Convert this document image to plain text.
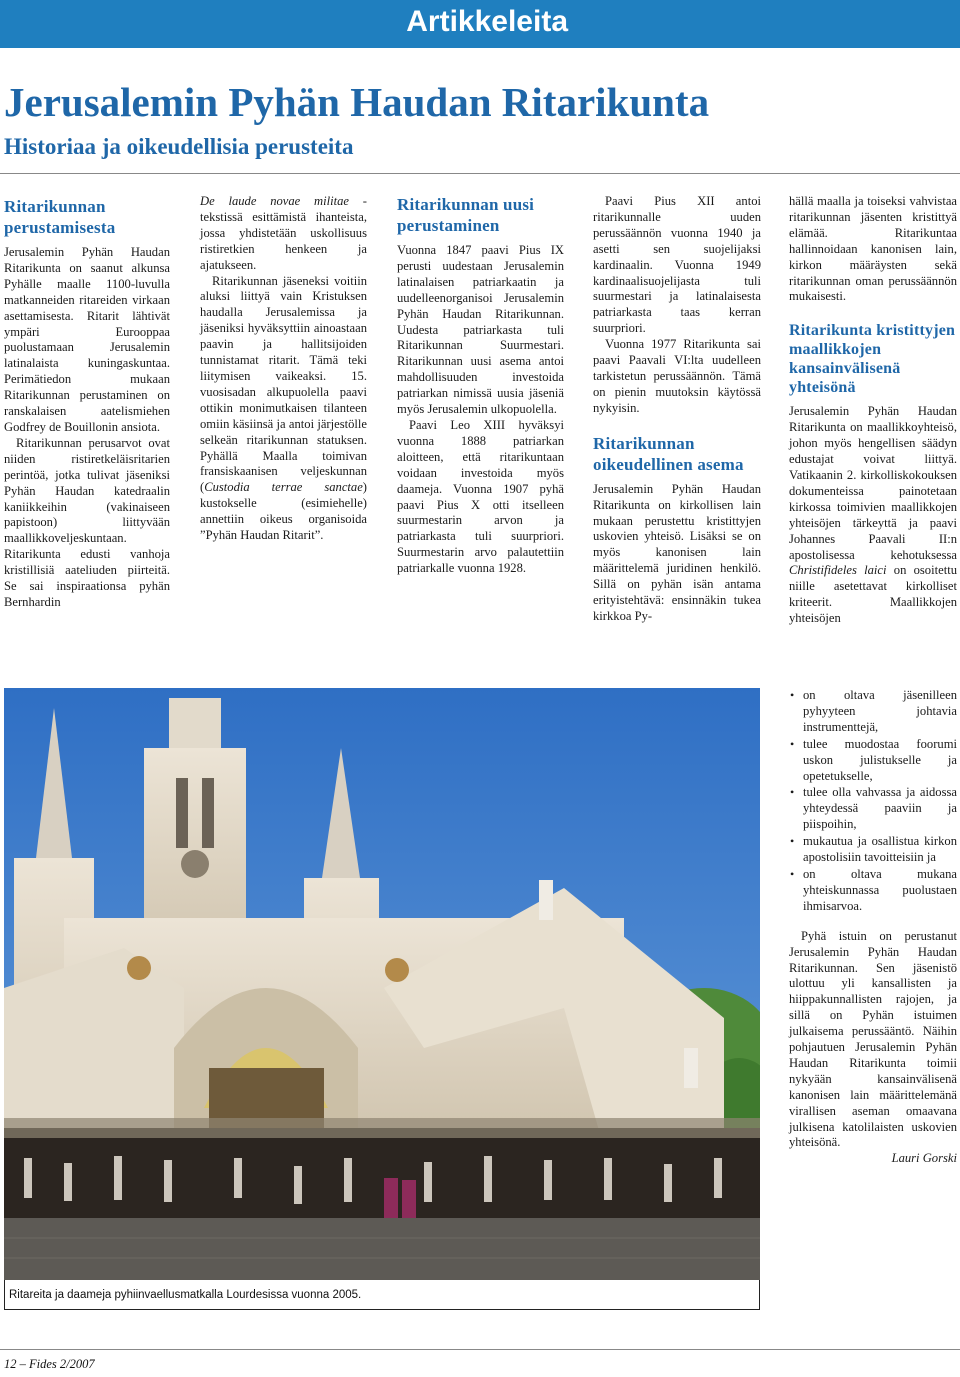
Artikkeleita
Jerusalemin Pyhän Haudan Ritarikunta
Historiaa ja oikeudellisia perusteita
Ritarikunnan perustamisesta

Jerusalemin Pyhän Haudan Ritarikunta on saanut alkunsa Pyhälle maalle 1100-luvulla matkanneiden ritareiden virkaan asettamisesta. Ritarit lähtivät ympäri Eurooppaa puolustamaan Jerusalemin latinalaista kuningaskuntaa. Perimätiedon mukaan Ritarikunnan perustaminen on ranskalaisen aatelismiehen Godfrey de Bouillonin ansiota.

Ritarikunnan perusarvot ovat niiden ristiretkeläisritarien perintöä, jotka tulivat jäseniksi Pyhän Haudan katedraalin kaniikkeihin (vakinaiseen papistoon) liittyvään maallikkoveljeskuntaan. Ritarikunta edusti vanhoja kristillisiä aateliuden piirteitä. Se sai inspiraationsa pyhän Bernhardin

De laude novae militae -tekstissä esittämistä ihanteista, jossa yhdistetään uskollisuus ristiretkien henkeen ja ajatukseen.

Ritarikunnan jäseneksi voitiin aluksi liittyä vain Kristuksen haudalla Jerusalemissa ja jäseniksi hyväksyttiin ainoastaan paavin ja hallitsijoiden tunnistamat ritarit. Tämä teki liitymisen vaikeaksi. 15. vuosisadan alkupuolella paavi ottikin monimutkaisen tilanteen omiin käsiinsä ja antoi järjestölle selkeän ritarikunnan statuksen. Pyhällä Maalla toimivan fransiskaanisen veljeskunnan (Custodia terrae sanctae) kustokselle (esimiehelle) annettiin oikeus organisoida ”Pyhän Haudan Ritarit”.

Ritarikunnan uusi perustaminen

Vuonna 1847 paavi Pius IX perusti uudestaan Jerusalemin latinalaisen patriarkaatin ja uudelleenorganisoi Jerusalemin Pyhän Haudan Ritarikunnan. Uudesta patriarkasta tuli Ritarikunnan Suurmestari. Ritarikunnan uusi asema antoi mahdollisuuden investoida patriarkan nimissä uusia jäseniä myös Jerusalemin ulkopuolella.

Paavi Leo XIII hyväksyi vuonna 1888 patriarkan aloitteen, että ritarikuntaan voidaan investoida myös daameja. Vuonna 1907 pyhä paavi Pius X otti itselleen suurmestarin arvon ja patriarkasta tuli suurpriori. Suurmestarin arvo palautettiin patriarkalle vuonna 1928.

Paavi Pius XII antoi ritarikunnalle uuden perussäännön vuonna 1940 ja asetti sen suojelijaksi kardinaalin. Vuonna 1949 kardinaalisuojelijasta tuli suurmestari ja latinalaisesta patriarkasta taas kerran suurpriori.

Vuonna 1977 Ritarikunta sai paavi Paavali VI:lta uudelleen tarkistetun perussäännön. Tämä on pienin muutoksin käytössä nykyisin.

Ritarikunnan oikeudellinen asema

Jerusalemin Pyhän Haudan Ritarikunta on kirkollisen lain mukaan perustettu kristittyjen uskovien yhteisö. Lisäksi se on myös kanonisen lain määrittelemä juridinen henkilö. Sillä on pyhän isän antama erityistehtävä: ensinnäkin tukea kirkkoa Py-

hällä maalla ja toiseksi vahvistaa ritarikunnan jäsenten kristittyä elämää. Ritarikuntaa hallinnoidaan kanonisen lain, kirkon määräysten sekä ritarikunnan oman perussäännön mukaisesti.

Ritarikunta kristittyjen maallikkojen kansainvälisenä yhteisönä

Jerusalemin Pyhän Haudan Ritarikunta on maallikkoyhteisö, johon myös hengellisen säädyn edustajat voivat liittyä. Vatikaanin 2. kirkolliskokouksen dokumenteissa painotetaan kirkossa toimivien maallikkojen yhteisöjen tärkeyttä ja paavi Johannes Paavali II:n apostolisessa kehotuksessa Christifideles laici on osoitettu niille asetettavat kirkolliset kriteerit. Maallikkojen yhteisöjen

• on oltava jäsenilleen pyhyyteen johtavia instrumenttejä,
• tulee muodostaa foorumi uskon julistukselle ja opetetukselle,
• tulee olla vahvassa ja aidossa yhteydessä paaviin ja piispoihin,
• mukautua ja osallistua kirkon apostolisiin tavoitteisiin ja
• on oltava mukana yhteiskunnassa puolustaen ihmisarvoa.

Pyhä istuin on perustanut Jerusalemin Pyhän Haudan Ritarikunnan. Sen jäsenistö ulottuu yli kansallisten ja hiippakunnallisten rajojen, ja sillä on Pyhän istuimen julkaisema perussääntö. Näihin pohjautuen Jerusalemin Pyhän Haudan Ritarikunta toimii nykyään kansainvälisenä kanonisen lain määrittelemänä virallisen aseman omaavana julkisena katolilaisten uskovien yhteisönä.

Lauri Gorski

Ritareita ja daameja pyhiinvaellusmatkalla Lourdesissa vuonna 2005.
12 – Fides 2/2007
